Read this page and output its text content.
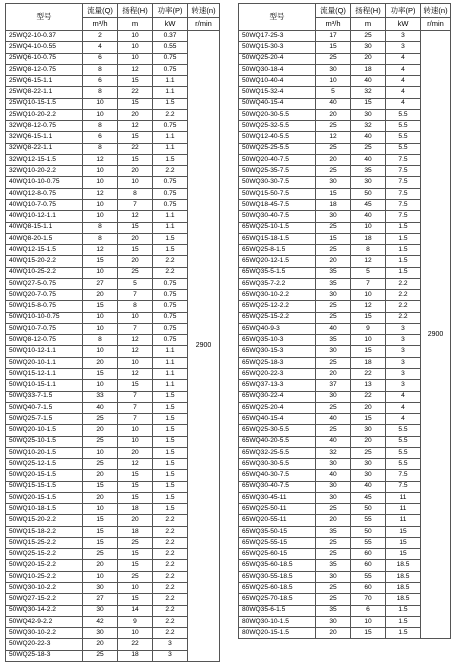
型号	流量(Q)	扬程(H)	功率(P)	转速(n)
	m³/h	m	kW	r/min
25WQ2-10-0.37	2	10	0.37	2900
25WQ4-10-0.55	4	10	0.55	
25WQ6-10-0.75	6	10	0.75	
25WQ8-12-0.75	8	12	0.75	
25WQ6-15-1.1	6	15	1.1	
25WQ8-22-1.1	8	22	1.1	
25WQ10-15-1.5	10	15	1.5	
25WQ10-20-2.2	10	20	2.2	
32WQ8-12-0.75	8	12	0.75	
32WQ6-15-1.1	6	15	1.1	
32WQ8-22-1.1	8	22	1.1	
32WQ12-15-1.5	12	15	1.5	
32WQ10-20-2.2	10	20	2.2	
40WQ10-10-0.75	10	10	0.75	
40WQ12-8-0.75	12	8	0.75	
40WQ10-7-0.75	10	7	0.75	
40WQ10-12-1.1	10	12	1.1	
40WQ8-15-1.1	8	15	1.1	
40WQ8-20-1.5	8	20	1.5	
40WQ12-15-1.5	12	15	1.5	
40WQ15-20-2.2	15	20	2.2	
40WQ10-25-2.2	10	25	2.2	
50WQ27-5-0.75	27	5	0.75	
50WQ20-7-0.75	20	7	0.75	
50WQ15-8-0.75	15	8	0.75	
50WQ10-10-0.75	10	10	0.75	
50WQ10-7-0.75	10	7	0.75	
50WQ8-12-0.75	8	12	0.75	
50WQ10-12-1.1	10	12	1.1	
50WQ20-10-1.1	20	10	1.1	
50WQ15-12-1.1	15	12	1.1	
50WQ10-15-1.1	10	15	1.1	
50WQ33-7-1.5	33	7	1.5	
50WQ40-7-1.5	40	7	1.5	
50WQ25-7-1.5	25	7	1.5	
50WQ20-10-1.5	20	10	1.5	
50WQ25-10-1.5	25	10	1.5	
50WQ10-20-1.5	10	20	1.5	
50WQ25-12-1.5	25	12	1.5	
50WQ20-15-1.5	20	15	1.5	
50WQ15-15-1.5	15	15	1.5	
50WQ20-15-1.5	20	15	1.5	
50WQ10-18-1.5	10	18	1.5	
50WQ15-20-2.2	15	20	2.2	
50WQ15-18-2.2	15	18	2.2	
50WQ15-25-2.2	15	25	2.2	
50WQ25-15-2.2	25	15	2.2	
50WQ20-15-2.2	20	15	2.2	
50WQ10-25-2.2	10	25	2.2	
50WQ30-10-2.2	30	10	2.2	
50WQ27-15-2.2	27	15	2.2	
50WQ30-14-2.2	30	14	2.2	
50WQ42-9-2.2	42	9	2.2	
50WQ30-10-2.2	30	10	2.2	
50WQ20-22-3	20	22	3	
50WQ25-18-3	25	18	3	
型号	流量(Q)	扬程(H)	功率(P)	转速(n)
	m³/h	m	kW	r/min
50WQ17-25-3	17	25	3	2900
50WQ15-30-3	15	30	3	
50WQ25-20-4	25	20	4	
50WQ30-18-4	30	18	4	
50WQ10-40-4	10	40	4	
50WQ15-32-4	5	32	4	
50WQ40-15-4	40	15	4	
50WQ20-30-5.5	20	30	5.5	
50WQ25-32-5.5	25	32	5.5	
50WQ12-40-5.5	12	40	5.5	
50WQ25-25-5.5	25	25	5.5	
50WQ20-40-7.5	20	40	7.5	
50WQ25-35-7.5	25	35	7.5	
50WQ30-30-7.5	30	30	7.5	
50WQ15-50-7.5	15	50	7.5	
50WQ18-45-7.5	18	45	7.5	
50WQ30-40-7.5	30	40	7.5	
65WQ25-10-1.5	25	10	1.5	
65WQ15-18-1.5	15	18	1.5	
65WQ25-8-1.5	25	8	1.5	
65WQ20-12-1.5	20	12	1.5	
65WQ35-5-1.5	35	5	1.5	
65WQ35-7-2.2	35	7	2.2	
65WQ30-10-2.2	30	10	2.2	
65WQ25-12-2.2	25	12	2.2	
65WQ25-15-2.2	25	15	2.2	
65WQ40-9-3	40	9	3	
65WQ35-10-3	35	10	3	
65WQ30-15-3	30	15	3	
65WQ25-18-3	25	18	3	
65WQ20-22-3	20	22	3	
65WQ37-13-3	37	13	3	
65WQ30-22-4	30	22	4	
65WQ25-20-4	25	20	4	
65WQ40-15-4	40	15	4	
65WQ25-30-5.5	25	30	5.5	
65WQ40-20-5.5	40	20	5.5	
65WQ32-25-5.5	32	25	5.5	
65WQ30-30-5.5	30	30	5.5	
65WQ40-30-7.5	40	30	7.5	
65WQ30-40-7.5	30	40	7.5	
65WQ30-45-11	30	45	11	
65WQ25-50-11	25	50	11	
65WQ20-55-11	20	55	11	
65WQ35-50-15	35	50	15	
65WQ25-55-15	25	55	15	
65WQ25-60-15	25	60	15	
65WQ35-60-18.5	35	60	18.5	
65WQ30-55-18.5	30	55	18.5	
65WQ25-60-18.5	25	60	18.5	
65WQ25-70-18.5	25	70	18.5	
80WQ35-6-1.5	35	6	1.5	
80WQ30-10-1.5	30	10	1.5	
80WQ20-15-1.5	20	15	1.5	
